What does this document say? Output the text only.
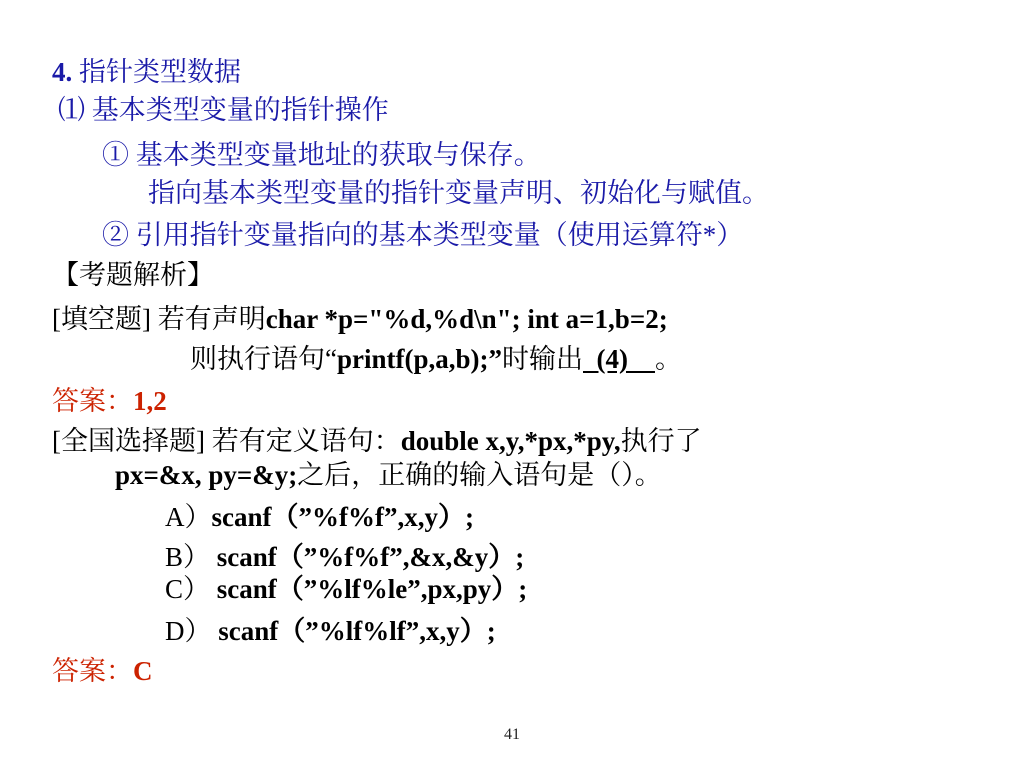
4. 指针类型数据
⑴ 基本类型变量的指针操作
① 基本类型变量地址的获取与保存。
指向基本类型变量的指针变量声明、初始化与赋值。
② 引用指针变量指向的基本类型变量（使用运算符*）
【考题解析】
[填空题] 若有声明char *p="%d,%d\n"; int a=1,b=2;
则执行语句“printf(p,a,b);”时输出  (4)    。
答案：1,2
[全国选择题] 若有定义语句：double x,y,*px,*py,执行了
px=&x, py=&y;之后，正确的输入语句是（）。
A）scanf（”%f%f”,x,y）;
B） scanf（”%f%f”,&x,&y）;
C） scanf（”%lf%le”,px,py）;
D） scanf（”%lf%lf”,x,y）;
答案：C
41
